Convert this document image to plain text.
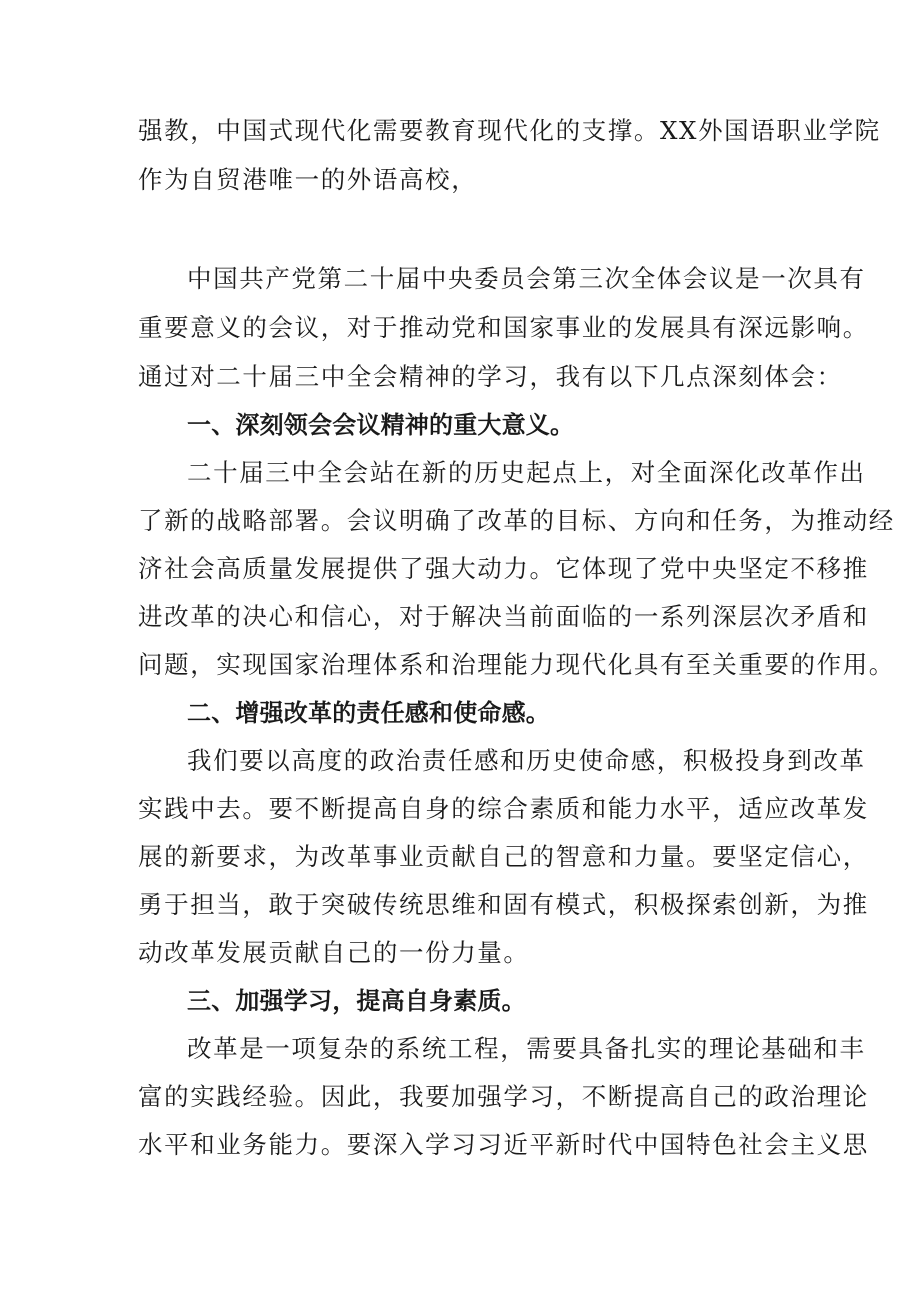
强教，中国式现代化需要教育现代化的支撑。XX外国语职业学院

作为自贸港唯一的外语高校，

中国共产党第二十届中央委员会第三次全体会议是一次具有

重要意义的会议，对于推动党和国家事业的发展具有深远影响。

通过对二十届三中全会精神的学习，我有以下几点深刻体会：

一、深刻领会会议精神的重大意义。

二十届三中全会站在新的历史起点上，对全面深化改革作出

了新的战略部署。会议明确了改革的目标、方向和任务，为推动经

济社会高质量发展提供了强大动力。它体现了党中央坚定不移推

进改革的决心和信心，对于解决当前面临的一系列深层次矛盾和

问题，实现国家治理体系和治理能力现代化具有至关重要的作用。

二、增强改革的责任感和使命感。

我们要以高度的政治责任感和历史使命感，积极投身到改革

实践中去。要不断提高自身的综合素质和能力水平，适应改革发

展的新要求，为改革事业贡献自己的智意和力量。要坚定信心，

勇于担当，敢于突破传统思维和固有模式，积极探索创新，为推

动改革发展贡献自己的一份力量。

三、加强学习，提高自身素质。

改革是一项复杂的系统工程，需要具备扎实的理论基础和丰

富的实践经验。因此，我要加强学习，不断提高自己的政治理论

水平和业务能力。要深入学习习近平新时代中国特色社会主义思
